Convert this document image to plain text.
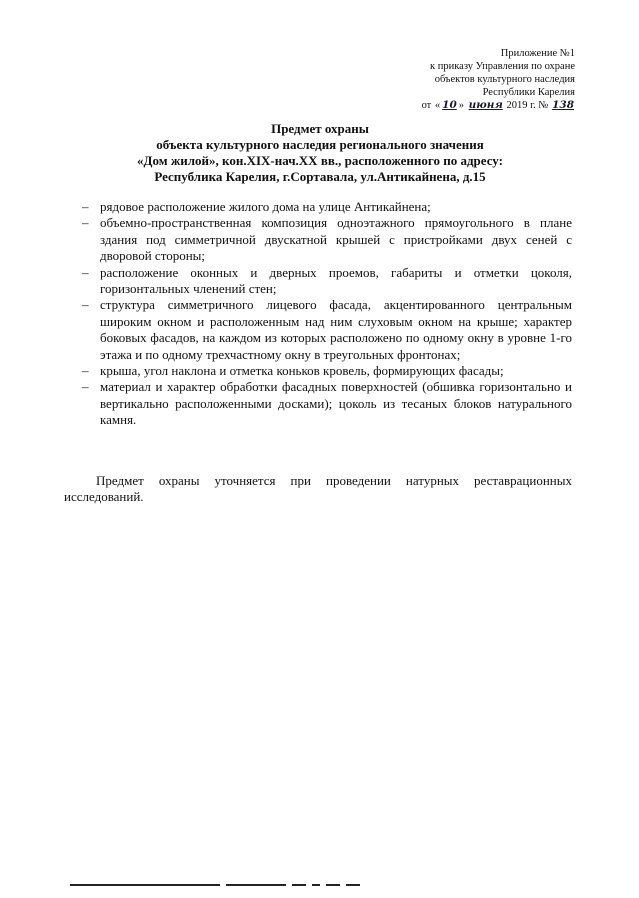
Приложение №1
к приказу Управления по охране
объектов культурного наследия
Республики Карелия
от « 10 » июня 2019 г. № 138
Предмет охраны
объекта культурного наследия регионального значения
«Дом жилой», кон.XIX-нач.XX вв., расположенного по адресу:
Республика Карелия, г.Сортавала, ул.Антикайнена, д.15
– рядовое расположение жилого дома на улице Антикайнена;
– объемно-пространственная композиция одноэтажного прямоугольного в плане здания под симметричной двускатной крышей с пристройками двух сеней с дворовой стороны;
– расположение оконных и дверных проемов, габариты и отметки цоколя, горизонтальных членений стен;
– структура симметричного лицевого фасада, акцентированного центральным широким окном и расположенным над ним слуховым окном на крыше; характер боковых фасадов, на каждом из которых расположено по одному окну в уровне 1-го этажа и по одному трехчастному окну в треугольных фронтонах;
– крыша, угол наклона и отметка коньков кровель, формирующих фасады;
– материал и характер обработки фасадных поверхностей (обшивка горизонтально и вертикально расположенными досками); цоколь из тесаных блоков натурального камня.

Предмет охраны уточняется при проведении натурных реставрационных исследований.
